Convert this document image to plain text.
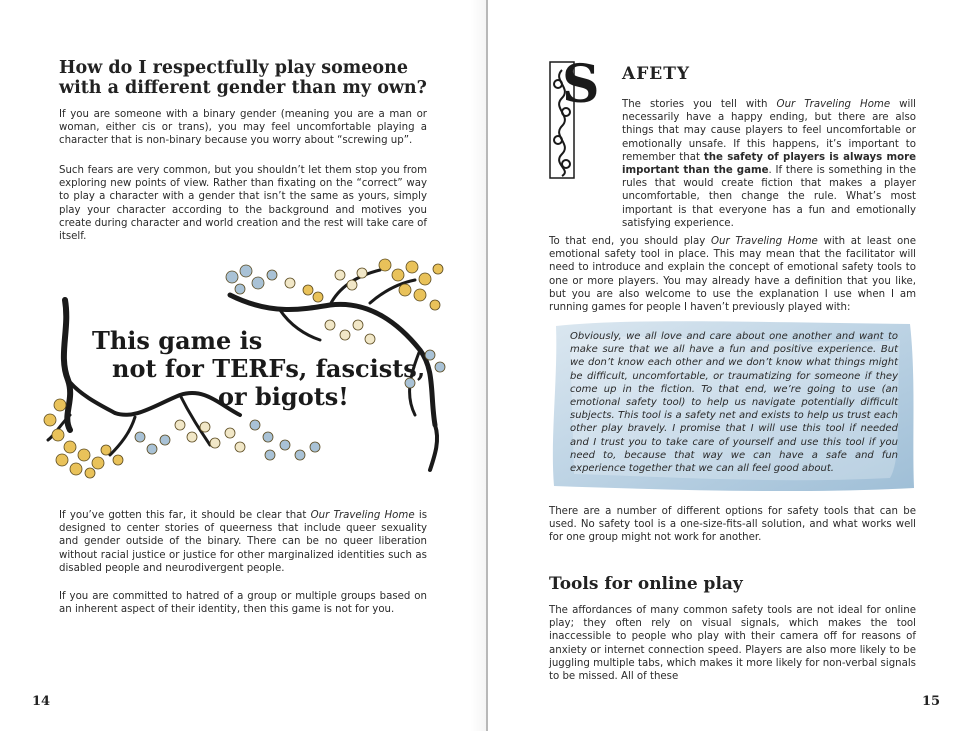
How do I respectfully play someone with a different gender than my own?

If you are someone with a binary gender (meaning you are a man or woman, either cis or trans), you may feel uncomfortable playing a character that is non-binary because you worry about “screwing up”.

Such fears are very common, but you shouldn’t let them stop you from exploring new points of view. Rather than fixating on the “correct” way to play a character with a gender that isn’t the same as yours, simply play your character according to the background and motives you create during character and world creation and the rest will take care of itself.

This game is
not for TERFs, fascists,
or bigots!

If you’ve gotten this far, it should be clear that Our Traveling Home is designed to center stories of queerness that include queer sexuality and gender outside of the binary. There can be no queer liberation without racial justice or justice for other marginalized identities such as disabled people and neurodivergent people.

If you are committed to hatred of a group or multiple groups based on an inherent aspect of their identity, then this game is not for you.

14
S AFETY

The stories you tell with Our Traveling Home will necessarily have a happy ending, but there are also things that may cause players to feel uncomfortable or emotionally unsafe. If this happens, it’s important to remember that the safety of players is always more important than the game. If there is something in the rules that would create fiction that makes a player uncomfortable, then change the rule. What’s most important is that everyone has a fun and emotionally satisfying experience.

To that end, you should play Our Traveling Home with at least one emotional safety tool in place. This may mean that the facilitator will need to introduce and explain the concept of emotional safety tools to one or more players. You may already have a definition that you like, but you are also welcome to use the explanation I use when I am running games for people I haven’t previously played with:

Obviously, we all love and care about one another and want to make sure that we all have a fun and positive experience. But we don’t know each other and we don’t know what things might be difficult, uncomfortable, or traumatizing for someone if they come up in the fiction. To that end, we’re going to use (an emotional safety tool) to help us navigate potentially difficult subjects. This tool is a safety net and exists to help us trust each other play bravely. I promise that I will use this tool if needed and I trust you to take care of yourself and use this tool if you need to, because that way we can have a safe and fun experience together that we can all feel good about.

There are a number of different options for safety tools that can be used. No safety tool is a one-size-fits-all solution, and what works well for one group might not work for another.

Tools for online play

The affordances of many common safety tools are not ideal for online play; they often rely on visual signals, which makes the tool inaccessible to people who play with their camera off for reasons of anxiety or internet connection speed. Players are also more likely to be juggling multiple tabs, which makes it more likely for non-verbal signals to be missed. All of these

15
